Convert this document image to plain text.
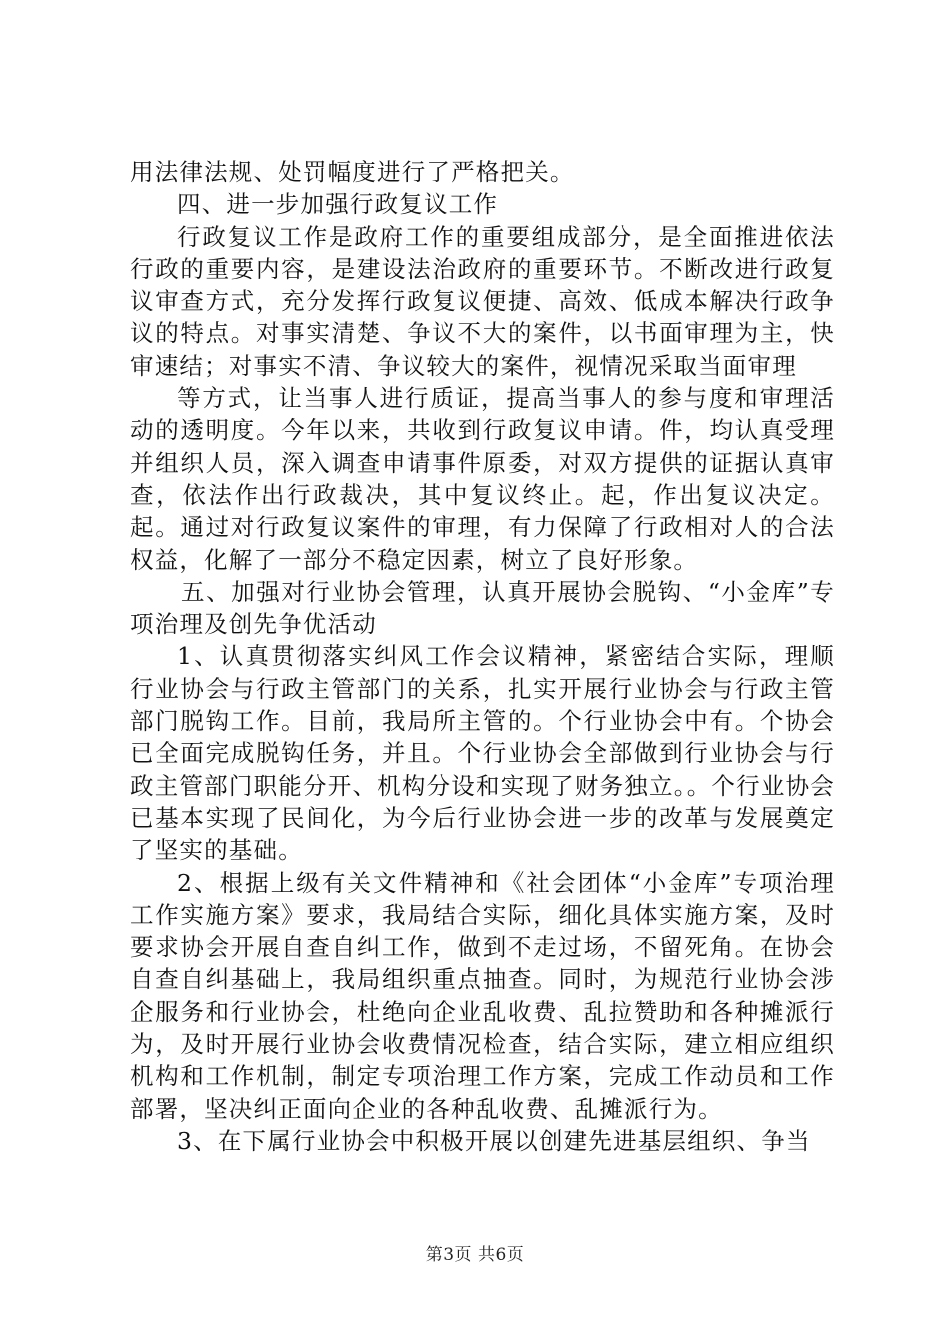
用法律法规、处罚幅度进行了严格把关。

四、进一步加强行政复议工作

行政复议工作是政府工作的重要组成部分，是全面推进依法行政的重要内容，是建设法治政府的重要环节。不断改进行政复议审查方式，充分发挥行政复议便捷、高效、低成本解决行政争议的特点。对事实清楚、争议不大的案件，以书面审理为主，快审速结；对事实不清、争议较大的案件，视情况采取当面审理

等方式，让当事人进行质证，提高当事人的参与度和审理活动的透明度。今年以来，共收到行政复议申请。件，均认真受理并组织人员，深入调查申请事件原委，对双方提供的证据认真审查，依法作出行政裁决，其中复议终止。起，作出复议决定。起。通过对行政复议案件的审理，有力保障了行政相对人的合法权益，化解了一部分不稳定因素，树立了良好形象。

五、加强对行业协会管理，认真开展协会脱钩、“小金库”专项治理及创先争优活动

1、认真贯彻落实纠风工作会议精神，紧密结合实际，理顺行业协会与行政主管部门的关系，扎实开展行业协会与行政主管部门脱钩工作。目前，我局所主管的。个行业协会中有。个协会已全面完成脱钩任务，并且。个行业协会全部做到行业协会与行政主管部门职能分开、机构分设和实现了财务独立。。个行业协会已基本实现了民间化，为今后行业协会进一步的改革与发展奠定了坚实的基础。

2、根据上级有关文件精神和《社会团体“小金库”专项治理工作实施方案》要求，我局结合实际，细化具体实施方案，及时要求协会开展自查自纠工作，做到不走过场，不留死角。在协会自查自纠基础上，我局组织重点抽查。同时，为规范行业协会涉企服务和行业协会，杜绝向企业乱收费、乱拉赞助和各种摊派行为，及时开展行业协会收费情况检查，结合实际，建立相应组织机构和工作机制，制定专项治理工作方案，完成工作动员和工作部署，坚决纠正面向企业的各种乱收费、乱摊派行为。

3、在下属行业协会中积极开展以创建先进基层组织、争当

第3页 共6页
